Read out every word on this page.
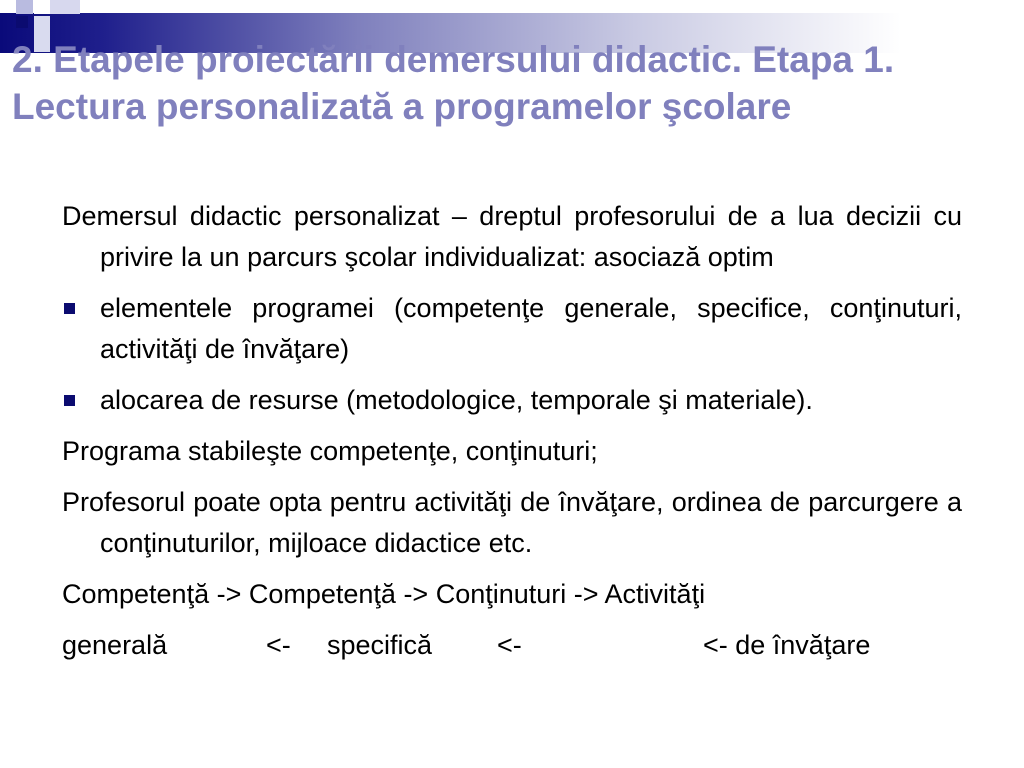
2. Etapele proiectării demersului didactic. Etapa 1. Lectura personalizată a programelor şcolare

Demersul didactic personalizat – dreptul profesorului de a lua decizii cu privire la un parcurs şcolar individualizat: asociază optim

elementele programei (competenţe generale, specifice, conţinuturi, activităţi de învăţare)
alocarea de resurse (metodologice, temporale şi materiale).

Programa stabileşte competenţe, conţinuturi;

Profesorul poate opta pentru activităţi de învăţare, ordinea de parcurgere a conţinuturilor, mijloace didactice etc.

Competenţă -> Competenţă -> Conţinuturi -> Activităţi

generală	<-	specifică	<-	<- de învăţare
